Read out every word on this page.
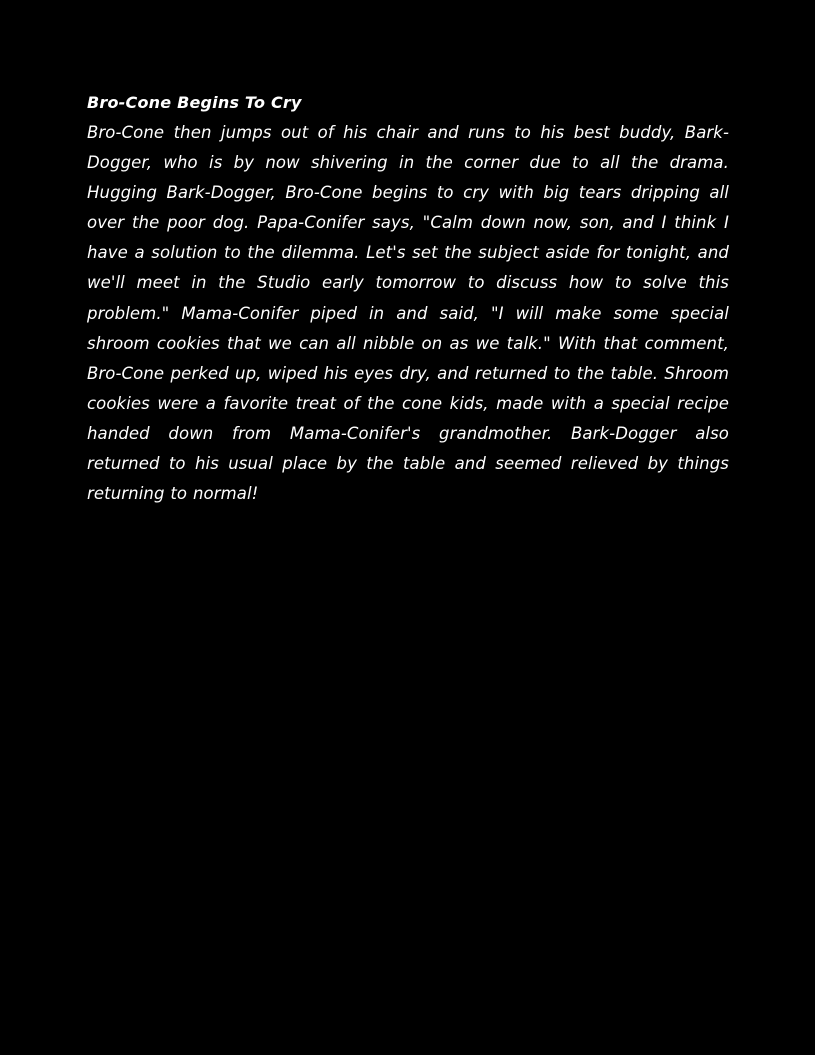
Bro-Cone Begins To Cry

Bro-Cone then jumps out of his chair and runs to his best buddy, Bark-Dogger, who is by now shivering in the corner due to all the drama. Hugging Bark-Dogger, Bro-Cone begins to cry with big tears dripping all over the poor dog. Papa-Conifer says, "Calm down now, son, and I think I have a solution to the dilemma. Let's set the subject aside for tonight, and we'll meet in the Studio early tomorrow to discuss how to solve this problem." Mama-Conifer piped in and said, "I will make some special shroom cookies that we can all nibble on as we talk." With that comment, Bro-Cone perked up, wiped his eyes dry, and returned to the table. Shroom cookies were a favorite treat of the cone kids, made with a special recipe handed down from Mama-Conifer's grandmother. Bark-Dogger also returned to his usual place by the table and seemed relieved by things returning to normal!
